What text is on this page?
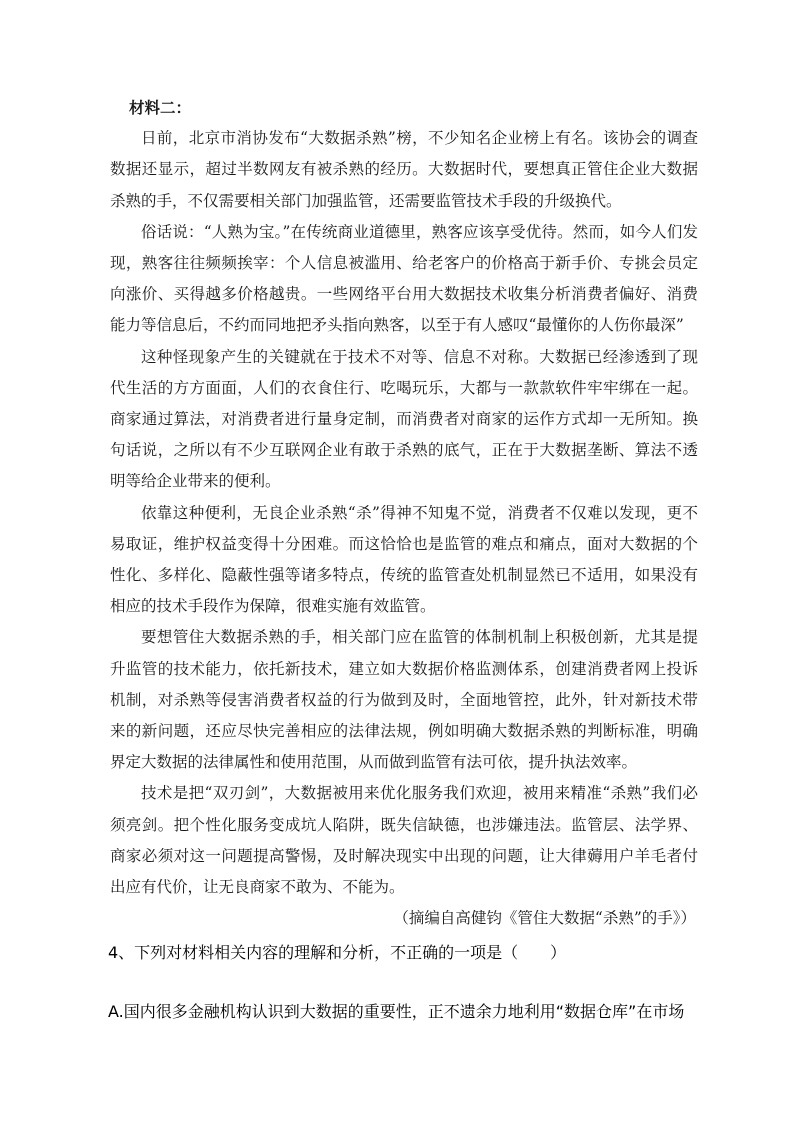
材料二：

日前，北京市消协发布“大数据杀熟”榜，不少知名企业榜上有名。该协会的调查数据还显示，超过半数网友有被杀熟的经历。大数据时代，要想真正管住企业大数据杀熟的手，不仅需要相关部门加强监管，还需要监管技术手段的升级换代。

俗话说：“人熟为宝。”在传统商业道德里，熟客应该享受优待。然而，如今人们发现，熟客往往频频挨宰：个人信息被滥用、给老客户的价格高于新手价、专挑会员定向涨价、买得越多价格越贵。一些网络平台用大数据技术收集分析消费者偏好、消费能力等信息后，不约而同地把矛头指向熟客，以至于有人感叹“最懂你的人伤你最深”

这种怪现象产生的关键就在于技术不对等、信息不对称。大数据已经渗透到了现代生活的方方面面，人们的衣食住行、吃喝玩乐，大都与一款款软件牢牢绑在一起。商家通过算法，对消费者进行量身定制，而消费者对商家的运作方式却一无所知。换句话说，之所以有不少互联网企业有敢于杀熟的底气，正在于大数据垄断、算法不透明等给企业带来的便利。

依靠这种便利，无良企业杀熟“杀”得神不知鬼不觉，消费者不仅难以发现，更不易取证，维护权益变得十分困难。而这恰恰也是监管的难点和痛点，面对大数据的个性化、多样化、隐蔽性强等诸多特点，传统的监管查处机制显然已不适用，如果没有相应的技术手段作为保障，很难实施有效监管。

要想管住大数据杀熟的手，相关部门应在监管的体制机制上积极创新，尤其是提升监管的技术能力，依托新技术，建立如大数据价格监测体系，创建消费者网上投诉机制，对杀熟等侵害消费者权益的行为做到及时，全面地管控，此外，针对新技术带来的新问题，还应尽快完善相应的法律法规，例如明确大数据杀熟的判断标准，明确界定大数据的法律属性和使用范围，从而做到监管有法可依，提升执法效率。

技术是把“双刃剑”，大数据被用来优化服务我们欢迎，被用来精准“杀熟”我们必须亮剑。把个性化服务变成坑人陷阱，既失信缺德，也涉嫌违法。监管层、法学界、商家必须对这一问题提高警惕，及时解决现实中出现的问题，让大律薅用户羊毛者付出应有代价，让无良商家不敢为、不能为。

（摘编自高健钧《管住大数据“杀熟”的手》）

4、下列对材料相关内容的理解和分析，不正确的一项是（　　）

A.国内很多金融机构认识到大数据的重要性，正不遗余力地利用“数据仓库”在市场
